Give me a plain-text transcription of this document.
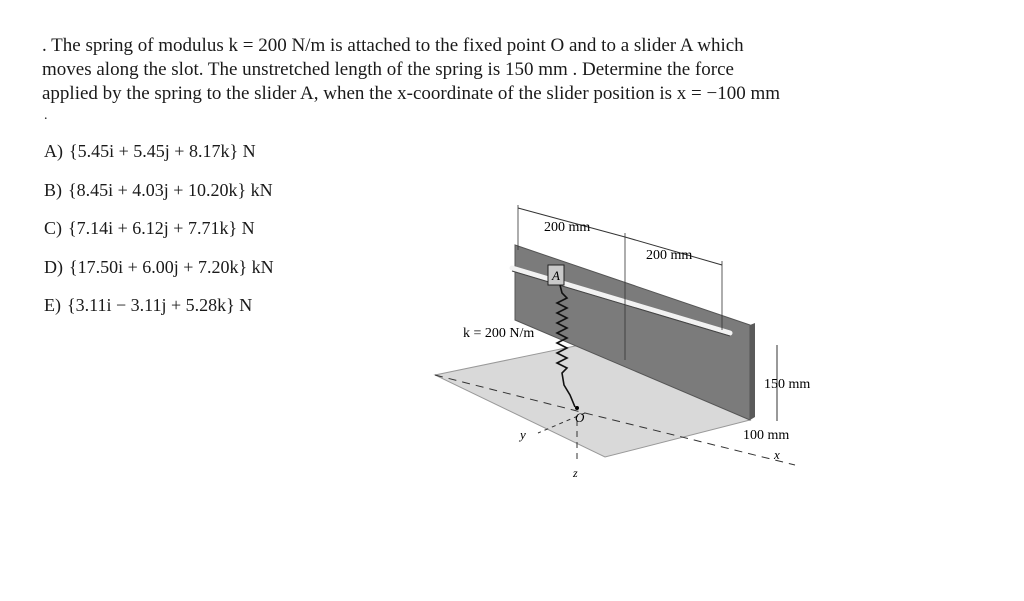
. The spring of modulus k = 200 N/m is attached to the fixed point O and to a slider A which

moves along the slot. The unstretched length of the spring is 150 mm . Determine the force

applied by the spring to the slider A, when the x-coordinate of the slider position is x = −100 mm

.
A) {5.45i + 5.45j + 8.17k} N
B) {8.45i + 4.03j + 10.20k} kN
C) {7.14i + 6.12j + 7.71k} N
D) {17.50i + 6.00j + 7.20k} kN
E) {3.11i − 3.11j + 5.28k} N
A
O
200 mm
200 mm
150 mm
100 mm
k = 200 N/m
x
y
z
